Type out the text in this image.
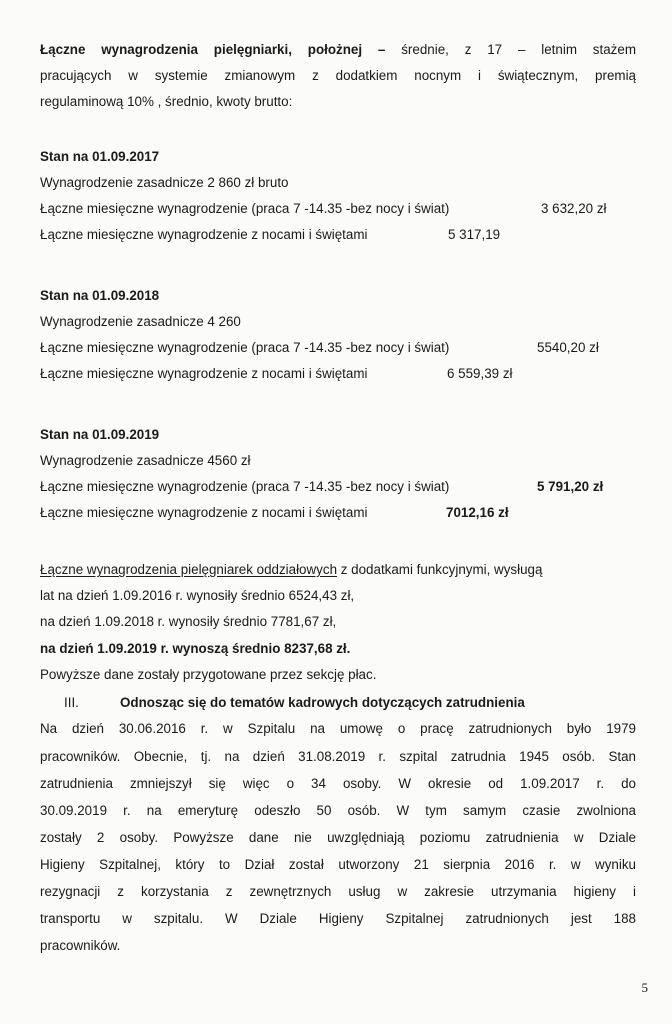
Łączne wynagrodzenia pielęgniarki, położnej – średnie, z 17 – letnim stażem
pracujących w systemie zmianowym z dodatkiem nocnym i świątecznym, premią
regulaminową 10% , średnio, kwoty brutto:
Stan na 01.09.2017
Wynagrodzenie zasadnicze 2 860 zł bruto
Łączne miesięczne wynagrodzenie (praca 7 -14.35 -bez nocy i świat)	3 632,20 zł
Łączne miesięczne wynagrodzenie z nocami i świętami	5 317,19
Stan na 01.09.2018
Wynagrodzenie zasadnicze 4 260
Łączne miesięczne wynagrodzenie (praca 7 -14.35 -bez nocy i świat)	5540,20 zł
Łączne miesięczne wynagrodzenie z nocami i świętami	6 559,39 zł
Stan na 01.09.2019
Wynagrodzenie zasadnicze 4560 zł
Łączne miesięczne wynagrodzenie (praca 7 -14.35 -bez nocy i świat)	5 791,20 zł
Łączne miesięczne wynagrodzenie z nocami i świętami	7012,16 zł
Łączne wynagrodzenia pielęgniarek oddziałowych z dodatkami funkcyjnymi, wysługą
lat na dzień 1.09.2016 r. wynosiły średnio 6524,43 zł,
na dzień 1.09.2018 r. wynosiły średnio 7781,67 zł,
na dzień 1.09.2019 r. wynoszą średnio 8237,68 zł.
Powyższe dane zostały przygotowane przez sekcję płac.
III.	Odnosząc się do tematów kadrowych dotyczących zatrudnienia
Na dzień 30.06.2016 r. w Szpitalu na umowę o pracę zatrudnionych było 1979
pracowników. Obecnie, tj. na dzień 31.08.2019 r. szpital zatrudnia 1945 osób. Stan
zatrudnienia zmniejszył się więc o 34 osoby. W okresie od 1.09.2017 r. do
30.09.2019 r. na emeryturę odeszło 50 osób. W tym samym czasie zwolniona
zostały 2 osoby. Powyższe dane nie uwzględniają poziomu zatrudnienia w Dziale
Higieny Szpitalnej, który to Dział został utworzony 21 sierpnia 2016 r. w wyniku
rezygnacji z korzystania z zewnętrznych usług w zakresie utrzymania higieny i
transportu w szpitalu. W Dziale Higieny Szpitalnej zatrudnionych jest 188
pracowników.
5
